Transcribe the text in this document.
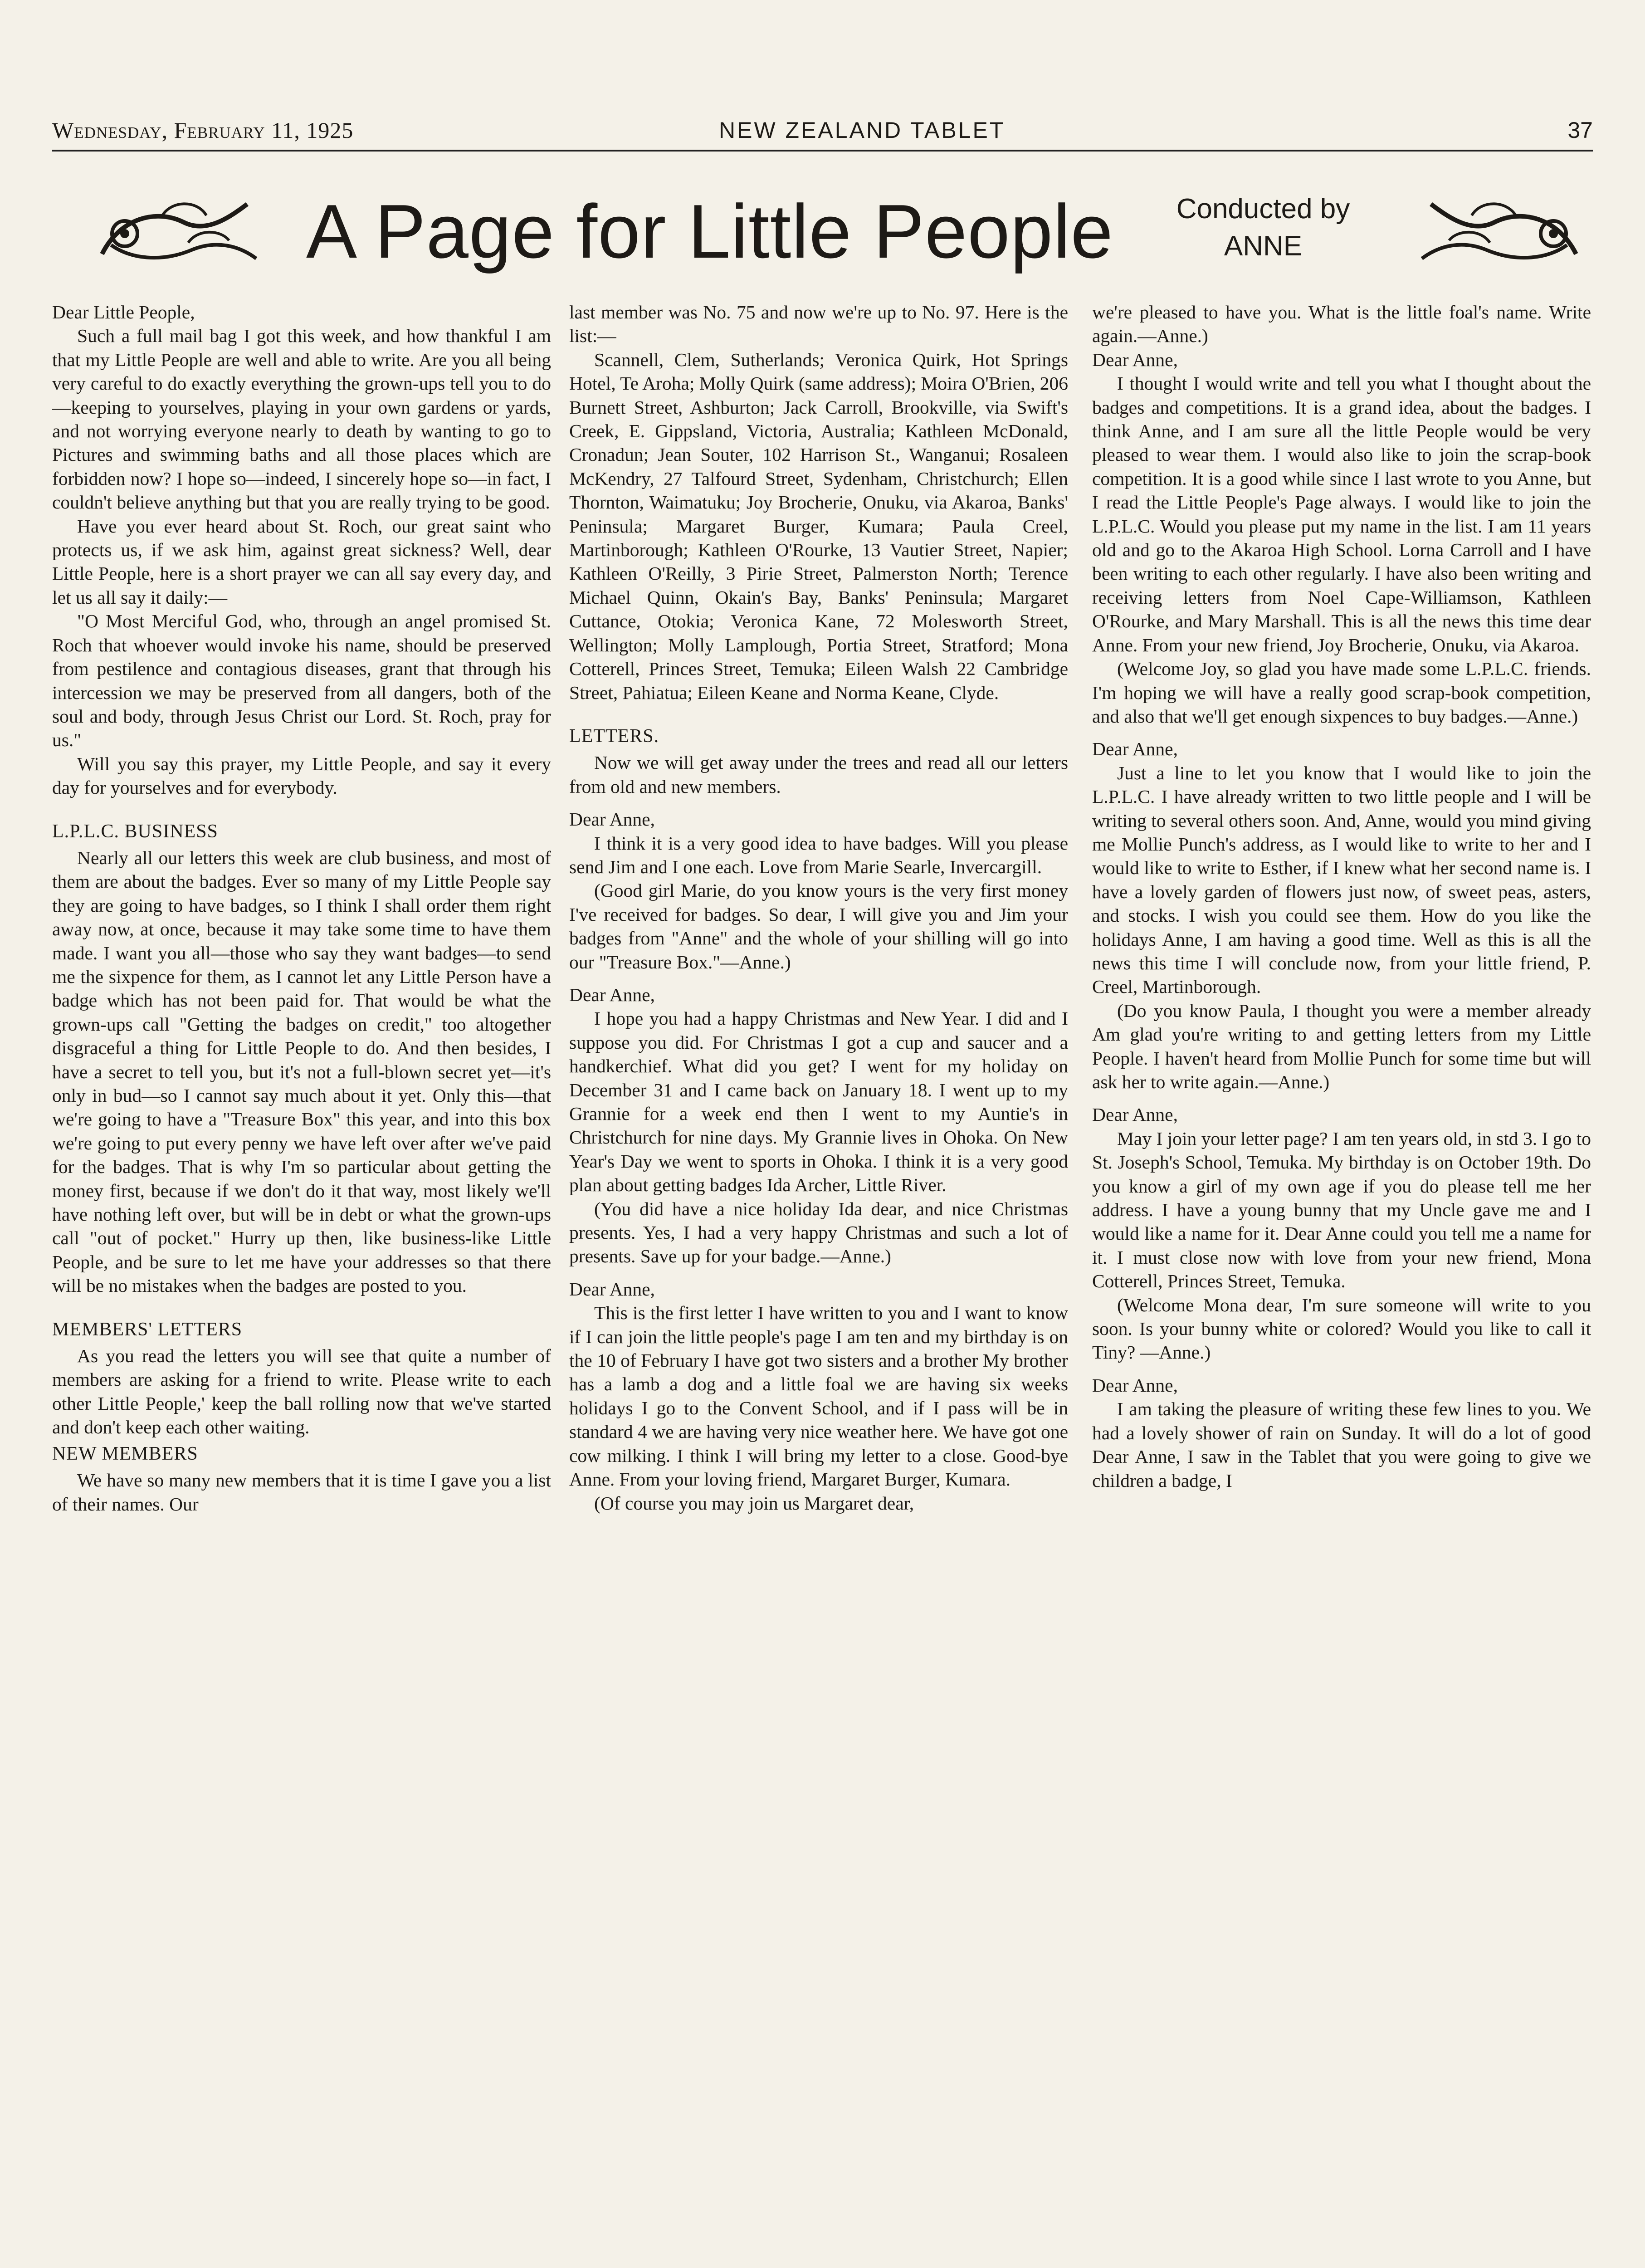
Wednesday, February 11, 1925	NEW ZEALAND TABLET	37
A Page for Little People	Conducted by
ANNE

Dear Little People,

Such a full mail bag I got this week, and how thankful I am that my Little People are well and able to write. Are you all being very careful to do exactly everything the grown-ups tell you to do—keeping to yourselves, playing in your own gardens or yards, and not worrying everyone nearly to death by wanting to go to Pictures and swimming baths and all those places which are forbidden now? I hope so—indeed, I sincerely hope so—in fact, I couldn't believe anything but that you are really trying to be good.

Have you ever heard about St. Roch, our great saint who protects us, if we ask him, against great sickness? Well, dear Little People, here is a short prayer we can all say every day, and let us all say it daily:—

"O Most Merciful God, who, through an angel promised St. Roch that whoever would invoke his name, should be preserved from pestilence and contagious diseases, grant that through his intercession we may be preserved from all dangers, both of the soul and body, through Jesus Christ our Lord. St. Roch, pray for us."

Will you say this prayer, my Little People, and say it every day for yourselves and for everybody.

L.P.L.C. BUSINESS

Nearly all our letters this week are club business, and most of them are about the badges. Ever so many of my Little People say they are going to have badges, so I think I shall order them right away now, at once, because it may take some time to have them made. I want you all—those who say they want badges—to send me the sixpence for them, as I cannot let any Little Person have a badge which has not been paid for. That would be what the grown-ups call "Getting the badges on credit," too altogether disgraceful a thing for Little People to do. And then besides, I have a secret to tell you, but it's not a full-blown secret yet—it's only in bud—so I cannot say much about it yet. Only this—that we're going to have a "Treasure Box" this year, and into this box we're going to put every penny we have left over after we've paid for the badges. That is why I'm so particular about getting the money first, because if we don't do it that way, most likely we'll have nothing left over, but will be in debt or what the grown-ups call "out of pocket." Hurry up then, like business-like Little People, and be sure to let me have your addresses so that there will be no mistakes when the badges are posted to you.

MEMBERS' LETTERS

As you read the letters you will see that quite a number of members are asking for a friend to write. Please write to each other Little People,' keep the ball rolling now that we've started and don't keep each other waiting.

NEW MEMBERS

We have so many new members that it is time I gave you a list of their names. Our

last member was No. 75 and now we're up to No. 97. Here is the list:—

Scannell, Clem, Sutherlands; Veronica Quirk, Hot Springs Hotel, Te Aroha; Molly Quirk (same address); Moira O'Brien, 206 Burnett Street, Ashburton; Jack Carroll, Brookville, via Swift's Creek, E. Gippsland, Victoria, Australia; Kathleen McDonald, Cronadun; Jean Souter, 102 Harrison St., Wanganui; Rosaleen McKendry, 27 Talfourd Street, Sydenham, Christchurch; Ellen Thornton, Waimatuku; Joy Brocherie, Onuku, via Akaroa, Banks' Peninsula; Margaret Burger, Kumara; Paula Creel, Martinborough; Kathleen O'Rourke, 13 Vautier Street, Napier; Kathleen O'Reilly, 3 Pirie Street, Palmerston North; Terence Michael Quinn, Okain's Bay, Banks' Peninsula; Margaret Cuttance, Otokia; Veronica Kane, 72 Molesworth Street, Wellington; Molly Lamplough, Portia Street, Stratford; Mona Cotterell, Princes Street, Temuka; Eileen Walsh 22 Cambridge Street, Pahiatua; Eileen Keane and Norma Keane, Clyde.

LETTERS.

Now we will get away under the trees and read all our letters from old and new members.

Dear Anne,

I think it is a very good idea to have badges. Will you please send Jim and I one each. Love from Marie Searle, Invercargill.

(Good girl Marie, do you know yours is the very first money I've received for badges. So dear, I will give you and Jim your badges from "Anne" and the whole of your shilling will go into our "Treasure Box."—Anne.)

Dear Anne,

I hope you had a happy Christmas and New Year. I did and I suppose you did. For Christmas I got a cup and saucer and a handkerchief. What did you get? I went for my holiday on December 31 and I came back on January 18. I went up to my Grannie for a week end then I went to my Auntie's in Christchurch for nine days. My Grannie lives in Ohoka. On New Year's Day we went to sports in Ohoka. I think it is a very good plan about getting badges Ida Archer, Little River.

(You did have a nice holiday Ida dear, and nice Christmas presents. Yes, I had a very happy Christmas and such a lot of presents. Save up for your badge.—Anne.)

Dear Anne,

This is the first letter I have written to you and I want to know if I can join the little people's page I am ten and my birthday is on the 10 of February I have got two sisters and a brother My brother has a lamb a dog and a little foal we are having six weeks holidays I go to the Convent School, and if I pass will be in standard 4 we are having very nice weather here. We have got one cow milking. I think I will bring my letter to a close. Good-bye Anne. From your loving friend, Margaret Burger, Kumara.

(Of course you may join us Margaret dear,

we're pleased to have you. What is the little foal's name. Write again.—Anne.)

Dear Anne,

I thought I would write and tell you what I thought about the badges and competitions. It is a grand idea, about the badges. I think Anne, and I am sure all the little People would be very pleased to wear them. I would also like to join the scrap-book competition. It is a good while since I last wrote to you Anne, but I read the Little People's Page always. I would like to join the L.P.L.C. Would you please put my name in the list. I am 11 years old and go to the Akaroa High School. Lorna Carroll and I have been writing to each other regularly. I have also been writing and receiving letters from Noel Cape-Williamson, Kathleen O'Rourke, and Mary Marshall. This is all the news this time dear Anne. From your new friend, Joy Brocherie, Onuku, via Akaroa.

(Welcome Joy, so glad you have made some L.P.L.C. friends. I'm hoping we will have a really good scrap-book competition, and also that we'll get enough sixpences to buy badges.—Anne.)

Dear Anne,

Just a line to let you know that I would like to join the L.P.L.C. I have already written to two little people and I will be writing to several others soon. And, Anne, would you mind giving me Mollie Punch's address, as I would like to write to her and I would like to write to Esther, if I knew what her second name is. I have a lovely garden of flowers just now, of sweet peas, asters, and stocks. I wish you could see them. How do you like the holidays Anne, I am having a good time. Well as this is all the news this time I will conclude now, from your little friend, P. Creel, Martinborough.

(Do you know Paula, I thought you were a member already Am glad you're writing to and getting letters from my Little People. I haven't heard from Mollie Punch for some time but will ask her to write again.—Anne.)

Dear Anne,

May I join your letter page? I am ten years old, in std 3. I go to St. Joseph's School, Temuka. My birthday is on October 19th. Do you know a girl of my own age if you do please tell me her address. I have a young bunny that my Uncle gave me and I would like a name for it. Dear Anne could you tell me a name for it. I must close now with love from your new friend, Mona Cotterell, Princes Street, Temuka.

(Welcome Mona dear, I'm sure someone will write to you soon. Is your bunny white or colored? Would you like to call it Tiny? —Anne.)

Dear Anne,

I am taking the pleasure of writing these few lines to you. We had a lovely shower of rain on Sunday. It will do a lot of good Dear Anne, I saw in the Tablet that you were going to give we children a badge, I
